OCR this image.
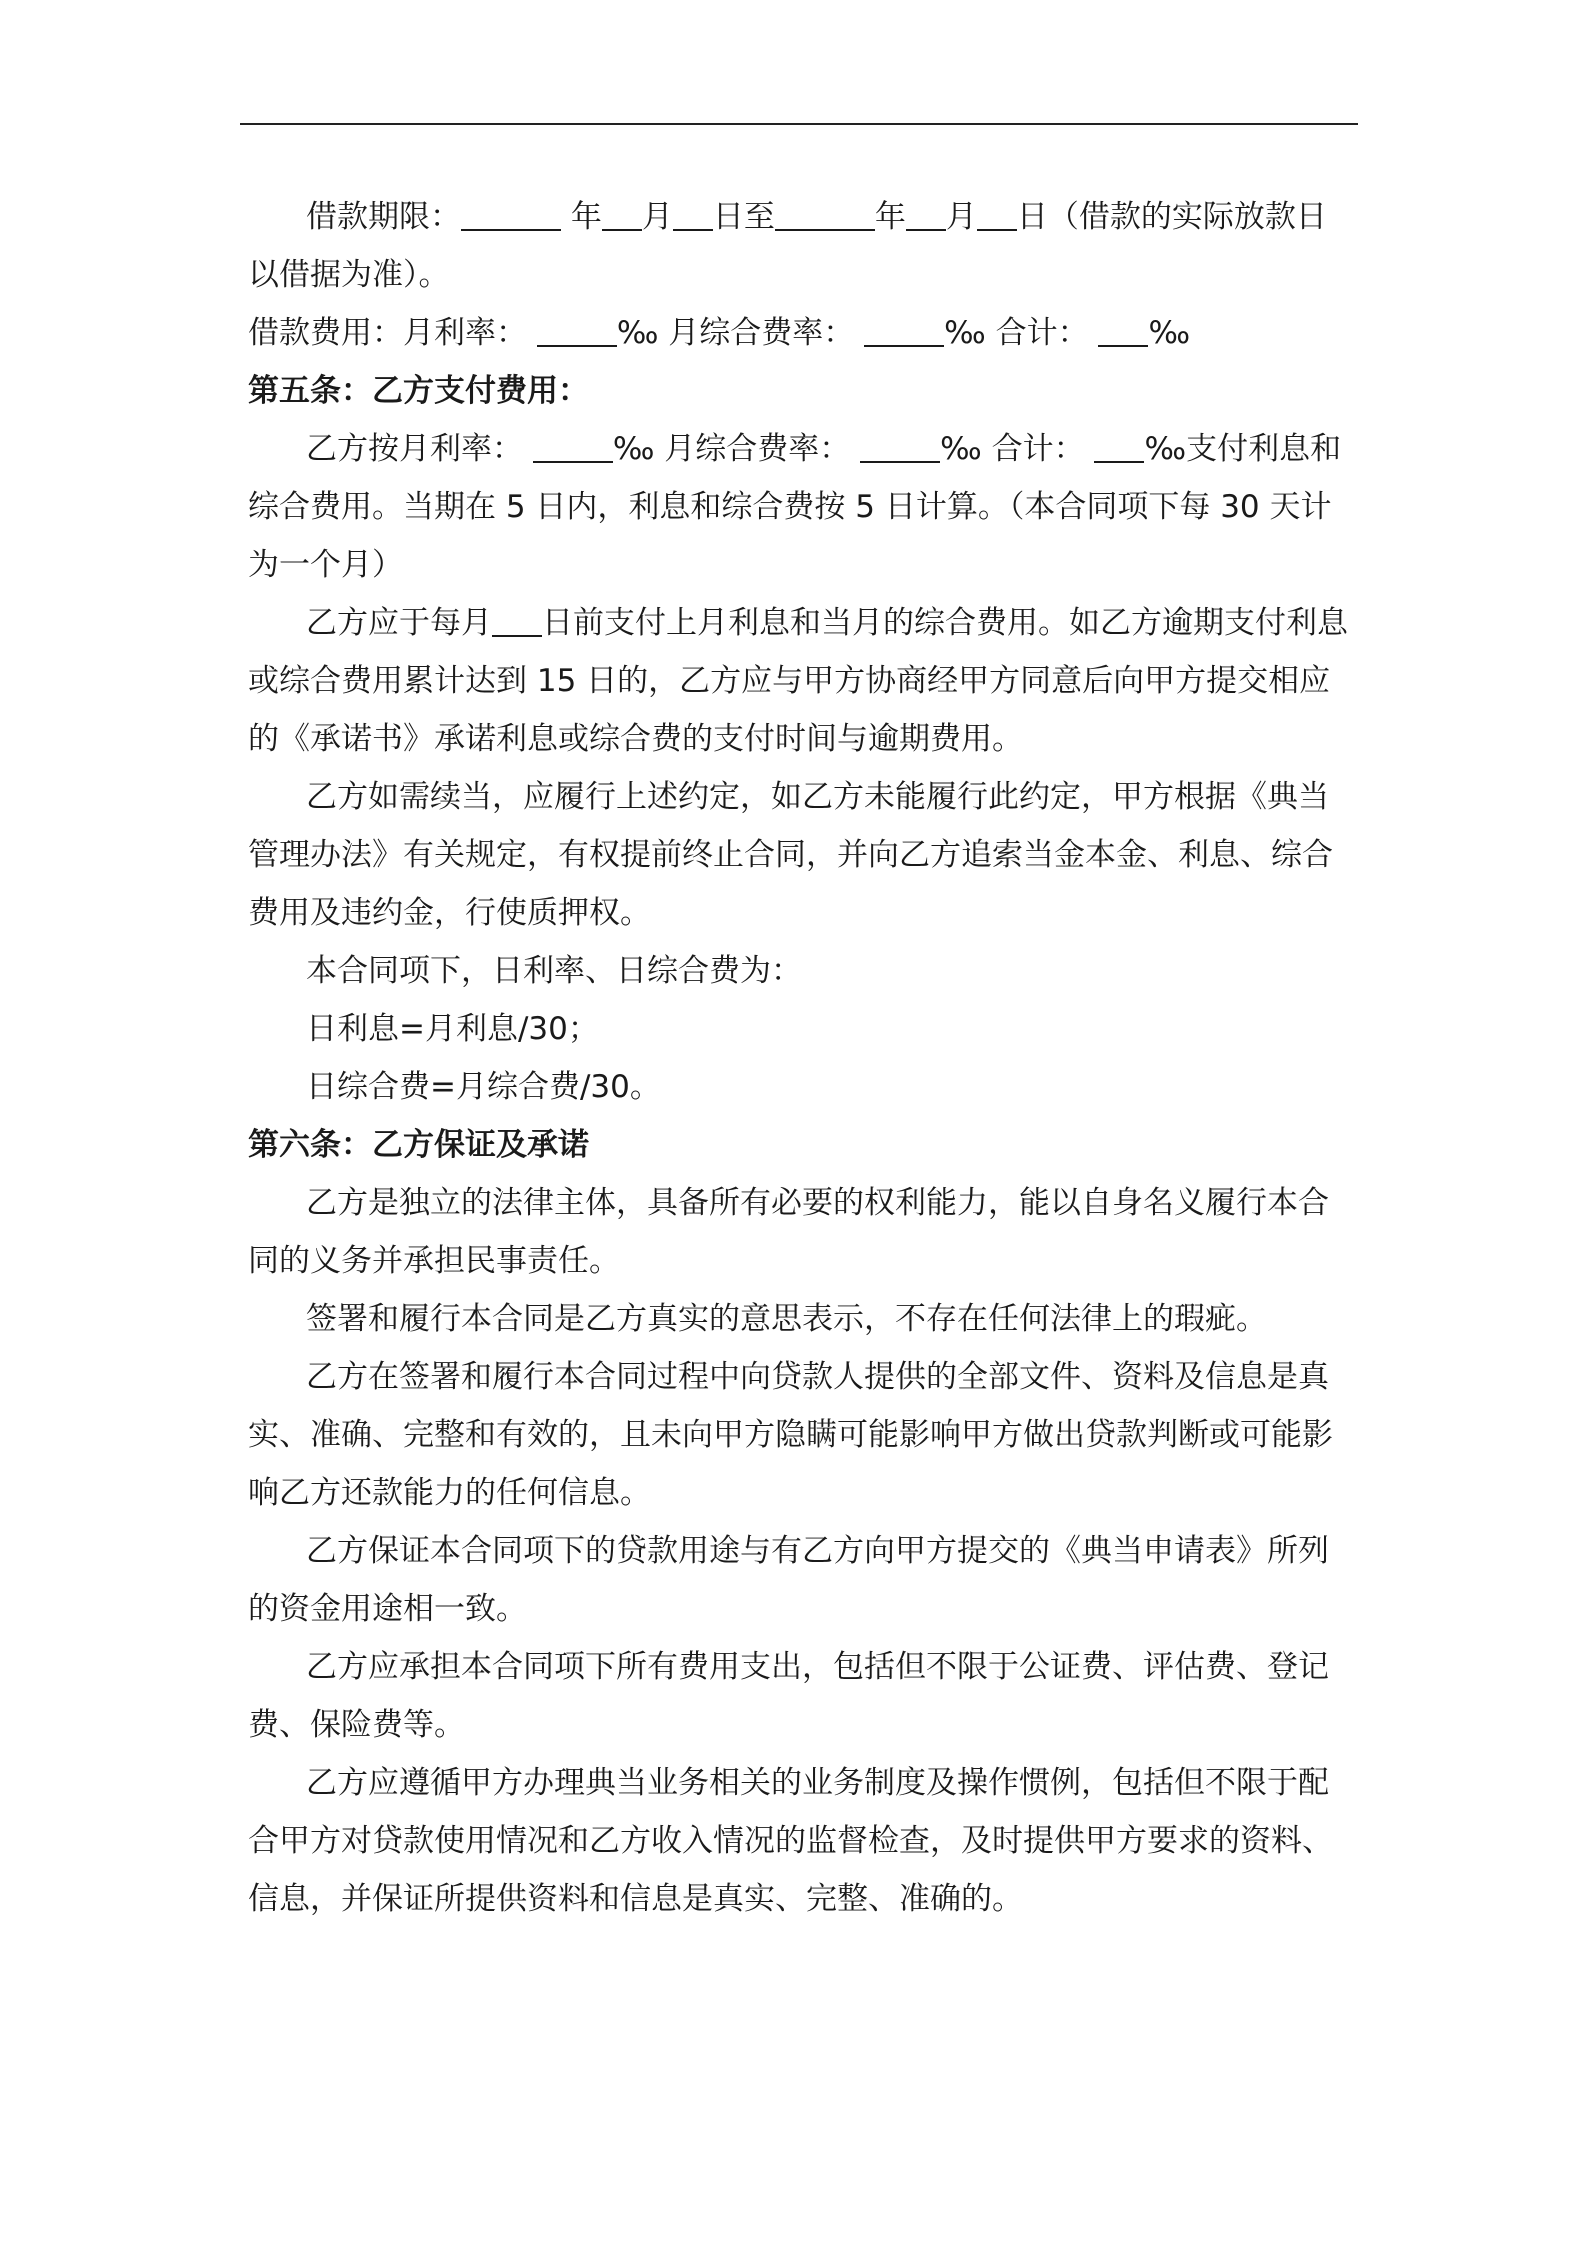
借款期限：	年 月 日至	年 月 日（借款的实际放款日以借据为准）。

借款费用：月利率：	‰ 月综合费率：	‰ 合计： ‰

第五条：乙方支付费用：

乙方按月利率：	‰ 月综合费率：	‰ 合计： ‰支付利息和综合费用。当期在 5 日内，利息和综合费按 5 日计算。（本合同项下每 30 天计为一个月）

乙方应于每月 日前支付上月利息和当月的综合费用。如乙方逾期支付利息或综合费用累计达到 15 日的，乙方应与甲方协商经甲方同意后向甲方提交相应的《承诺书》承诺利息或综合费的支付时间与逾期费用。

乙方如需续当，应履行上述约定，如乙方未能履行此约定，甲方根据《典当管理办法》有关规定，有权提前终止合同，并向乙方追索当金本金、利息、综合费用及违约金，行使质押权。

本合同项下，日利率、日综合费为：

日利息=月利息/30；

日综合费=月综合费/30。

第六条：乙方保证及承诺

乙方是独立的法律主体，具备所有必要的权利能力，能以自身名义履行本合同的义务并承担民事责任。

签署和履行本合同是乙方真实的意思表示，不存在任何法律上的瑕疵。

乙方在签署和履行本合同过程中向贷款人提供的全部文件、资料及信息是真实、准确、完整和有效的，且未向甲方隐瞒可能影响甲方做出贷款判断或可能影响乙方还款能力的任何信息。

乙方保证本合同项下的贷款用途与有乙方向甲方提交的《典当申请表》所列的资金用途相一致。

乙方应承担本合同项下所有费用支出，包括但不限于公证费、评估费、登记费、保险费等。

乙方应遵循甲方办理典当业务相关的业务制度及操作惯例，包括但不限于配合甲方对贷款使用情况和乙方收入情况的监督检查，及时提供甲方要求的资料、信息，并保证所提供资料和信息是真实、完整、准确的。
